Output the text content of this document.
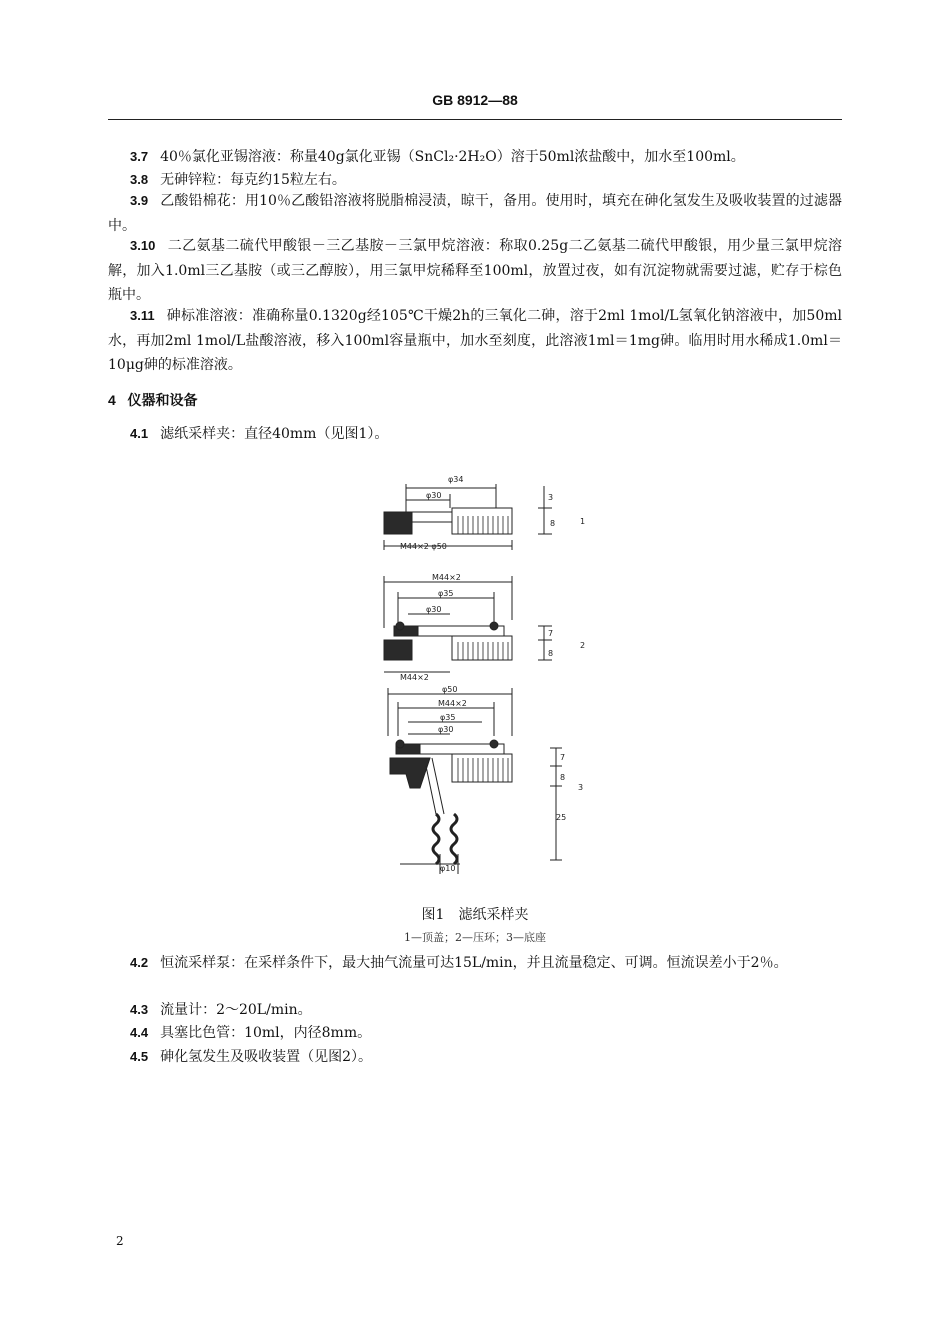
GB 8912—88

3.7 40％氯化亚锡溶液：称量40g氯化亚锡（SnCl₂·2H₂O）溶于50ml浓盐酸中，加水至100ml。

3.8 无砷锌粒：每克约15粒左右。

3.9 乙酸铅棉花：用10％乙酸铅溶液将脱脂棉浸渍，晾干，备用。使用时，填充在砷化氢发生及吸收装置的过滤器中。

3.10 二乙氨基二硫代甲酸银－三乙基胺－三氯甲烷溶液：称取0.25g二乙氨基二硫代甲酸银，用少量三氯甲烷溶解，加入1.0ml三乙基胺（或三乙醇胺），用三氯甲烷稀释至100ml，放置过夜，如有沉淀物就需要过滤，贮存于棕色瓶中。

3.11 砷标准溶液：准确称量0.1320g经105℃干燥2h的三氧化二砷，溶于2ml 1mol/L氢氧化钠溶液中，加50ml水，再加2ml 1mol/L盐酸溶液，移入100ml容量瓶中，加水至刻度，此溶液1ml＝1mg砷。临用时用水稀成1.0ml＝10μg砷的标准溶液。

4 仪器和设备

4.1 滤纸采样夹：直径40mm（见图1）。

φ34
φ30
M44×2 φ50
3
8	1
M44×2
φ35
φ30
7
8
2
M44×2
φ50
M44×2
φ35
φ30
7
8
3
25
φ10
图1　滤纸采样夹
1—顶盖；2—压环；3—底座

4.2 恒流采样泵：在采样条件下，最大抽气流量可达15L/min，并且流量稳定、可调。恒流误差小于2％。

4.3 流量计：2～20L/min。

4.4 具塞比色管：10ml，内径8mm。

4.5 砷化氢发生及吸收装置（见图2）。

2
